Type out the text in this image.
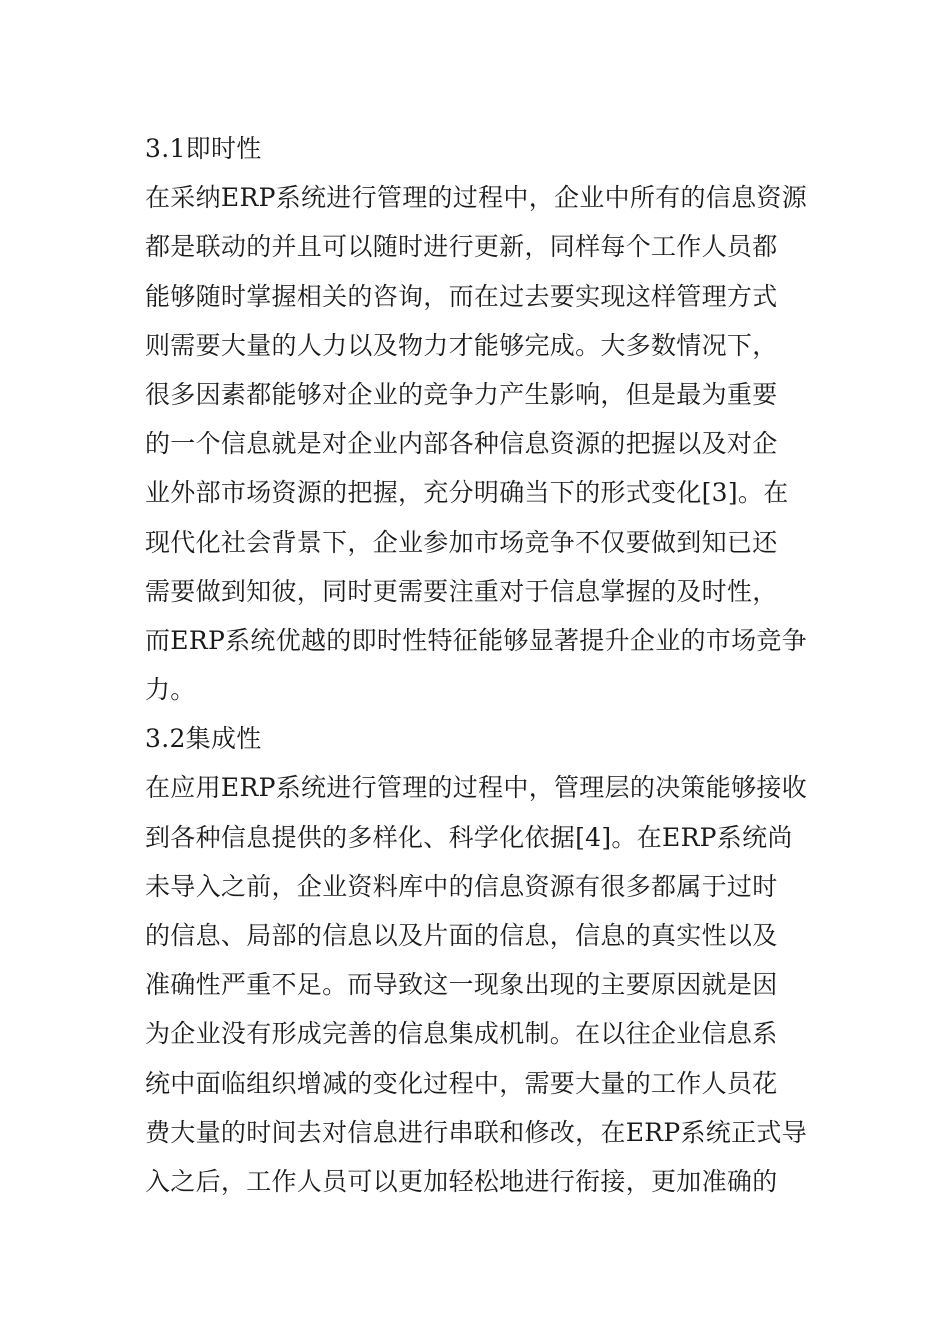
3.1即时性
在采纳ERP系统进行管理的过程中，企业中所有的信息资源
都是联动的并且可以随时进行更新，同样每个工作人员都
能够随时掌握相关的咨询，而在过去要实现这样管理方式
则需要大量的人力以及物力才能够完成。大多数情况下，
很多因素都能够对企业的竞争力产生影响，但是最为重要
的一个信息就是对企业内部各种信息资源的把握以及对企
业外部市场资源的把握，充分明确当下的形式变化[3]。在
现代化社会背景下，企业参加市场竞争不仅要做到知已还
需要做到知彼，同时更需要注重对于信息掌握的及时性，
而ERP系统优越的即时性特征能够显著提升企业的市场竞争
力。
3.2集成性
在应用ERP系统进行管理的过程中，管理层的决策能够接收
到各种信息提供的多样化、科学化依据[4]。在ERP系统尚
未导入之前，企业资料库中的信息资源有很多都属于过时
的信息、局部的信息以及片面的信息，信息的真实性以及
准确性严重不足。而导致这一现象出现的主要原因就是因
为企业没有形成完善的信息集成机制。在以往企业信息系
统中面临组织增减的变化过程中，需要大量的工作人员花
费大量的时间去对信息进行串联和修改，在ERP系统正式导
入之后，工作人员可以更加轻松地进行衔接，更加准确的
